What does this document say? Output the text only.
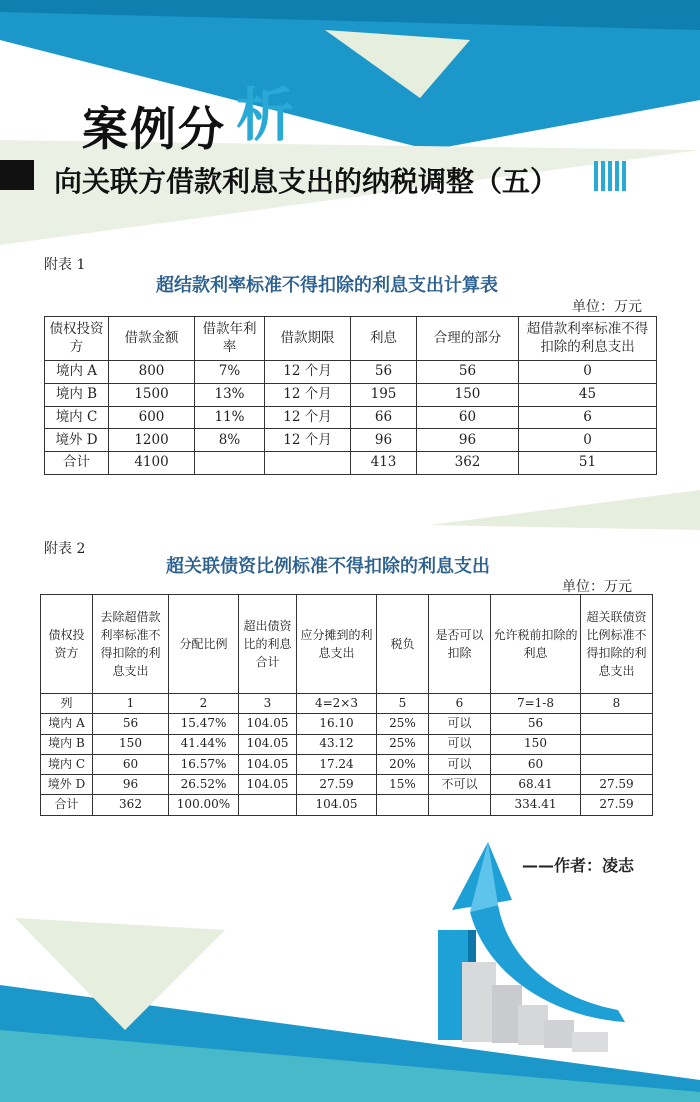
案例分 析
向关联方借款利息支出的纳税调整（五）
附表 1
超结款利率标准不得扣除的利息支出计算表
单位：万元
债权投资方	借款金额	借款年利率	借款期限	利息	合理的部分	超借款利率标准不得扣除的利息支出
境内 A	800	7%	12 个月	56	56	0
境内 B	1500	13%	12 个月	195	150	45
境内 C	600	11%	12 个月	66	60	6
境外 D	1200	8%	12 个月	96	96	0
合计	4100			413	362	51
附表 2
超关联债资比例标准不得扣除的利息支出
单位：万元
债权投资方	去除超借款利率标准不得扣除的利息支出	分配比例	超出债资比的利息合计	应分摊到的利息支出	税负	是否可以扣除	允许税前扣除的利息	超关联债资比例标准不得扣除的利息支出
列	1	2	3	4=2×3	5	6	7=1-8	8
境内 A	56	15.47%	104.05	16.10	25%	可以	56	
境内 B	150	41.44%	104.05	43.12	25%	可以	150	
境内 C	60	16.57%	104.05	17.24	20%	可以	60	
境外 D	96	26.52%	104.05	27.59	15%	不可以	68.41	27.59
合计	362	100.00%		104.05			334.41	27.59
——作者：凌志
